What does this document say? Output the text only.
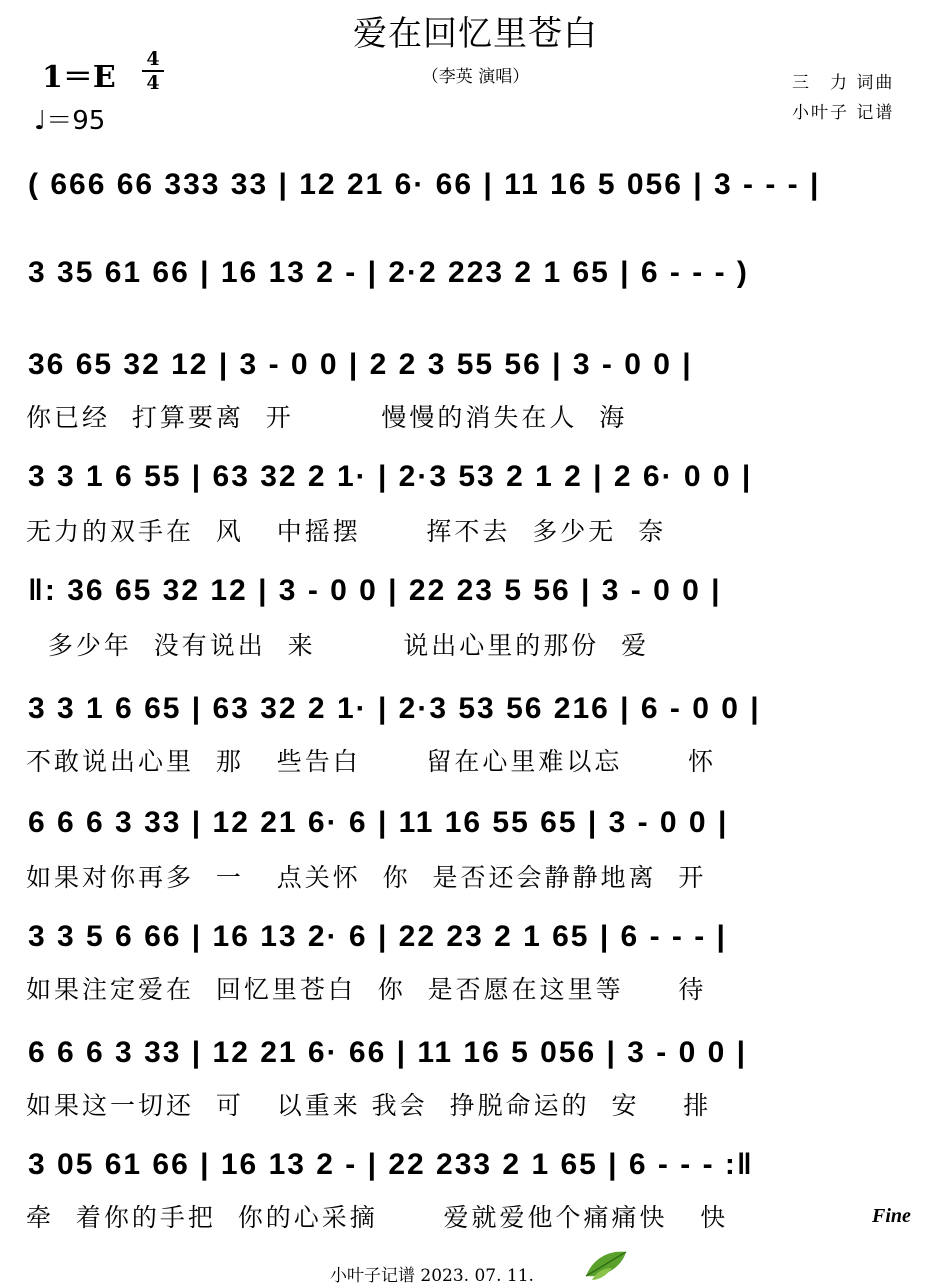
爱在回忆里苍白
（李英 演唱）
1＝E
4
4
♩＝95
三　力 词曲
小叶子 记谱
( 666 66 333 33 | 12 21 6· 66 | 11 16 5 056 | 3 - - - |
3 35 61 66 | 16 13 2 - | 2·2 223 2 1 65 | 6 - - - )
36 65 32 12 | 3 - 0 0 | 2 2 3 55 56 | 3 - 0 0 |
你已经  打算要离  开        慢慢的消失在人  海
3 3 1 6 55 | 63 32 2 1· | 2·3 53 2 1 2 | 2 6· 0 0 |
无力的双手在  风   中摇摆      挥不去  多少无  奈
‖: 36 65 32 12 | 3 - 0 0 | 22 23 5 56 | 3 - 0 0 |
多少年  没有说出  来        说出心里的那份  爱
3 3 1 6 65 | 63 32 2 1· | 2·3 53 56 216 | 6 - 0 0 |
不敢说出心里  那   些告白      留在心里难以忘      怀
6 6 6 3 33 | 12 21 6· 6 | 11 16 55 65 | 3 - 0 0 |
如果对你再多  一   点关怀  你  是否还会静静地离  开
3 3 5 6 66 | 16 13 2· 6 | 22 23 2 1 65 | 6 - - - |
如果注定爱在  回忆里苍白  你  是否愿在这里等     待
6 6 6 3 33 | 12 21 6· 66 | 11 16 5 056 | 3 - 0 0 |
如果这一切还  可   以重来 我会  挣脱命运的  安    排
3 05 61 66 | 16 13 2 - | 22 233 2 1 65 | 6 - - - :‖
牵  着你的手把  你的心采摘      爱就爱他个痛痛快   快	Fine
小叶子记谱 2023. 07. 11.
